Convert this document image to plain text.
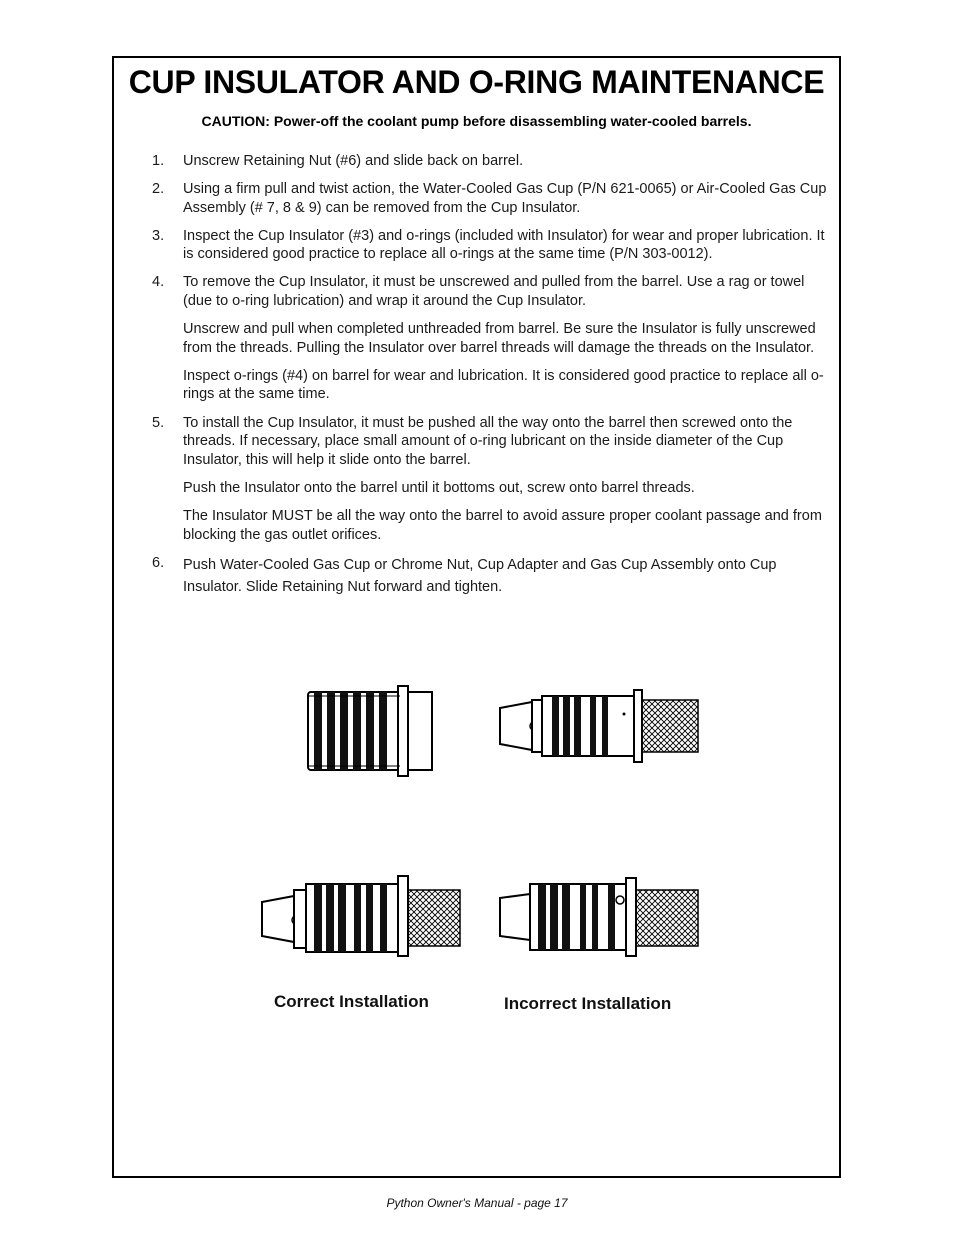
CUP INSULATOR AND O-RING MAINTENANCE
CAUTION: Power-off the coolant pump before disassembling water-cooled barrels.
1.	Unscrew Retaining Nut (#6) and slide back on barrel.

2.	Using a firm pull and twist action, the Water-Cooled Gas Cup (P/N 621-0065) or Air-Cooled Gas Cup Assembly (# 7, 8 & 9) can be removed from the Cup Insulator.

3.	Inspect the Cup Insulator (#3) and o-rings (included with Insulator) for wear and proper lubrication. It is considered good practice to replace all o-rings at the same time (P/N 303-0012).

4.	To remove the Cup Insulator, it must be unscrewed and pulled from the barrel. Use a rag or towel (due to o-ring lubrication) and wrap it around the Cup Insulator.

Unscrew and pull when completed unthreaded from barrel. Be sure the Insulator is fully unscrewed from the threads. Pulling the Insulator over barrel threads will damage the threads on the Insulator.

Inspect o-rings (#4) on barrel for wear and lubrication. It is considered good practice to replace all o-rings at the same time.

5.	To install the Cup Insulator, it must be pushed all the way onto the barrel then screwed onto the threads. If necessary, place small amount of o-ring lubricant on the inside diameter of the Cup Insulator, this will help it slide onto the barrel.

Push the Insulator onto the barrel until it bottoms out, screw onto barrel threads.

The Insulator MUST be all the way onto the barrel to avoid assure proper coolant passage and from blocking the gas outlet orifices.

6.	Push Water-Cooled Gas Cup or Chrome Nut, Cup Adapter and Gas Cup Assembly onto Cup Insulator. Slide Retaining Nut forward and tighten.

Correct Installation	Incorrect Installation
Python Owner's Manual - page 17
